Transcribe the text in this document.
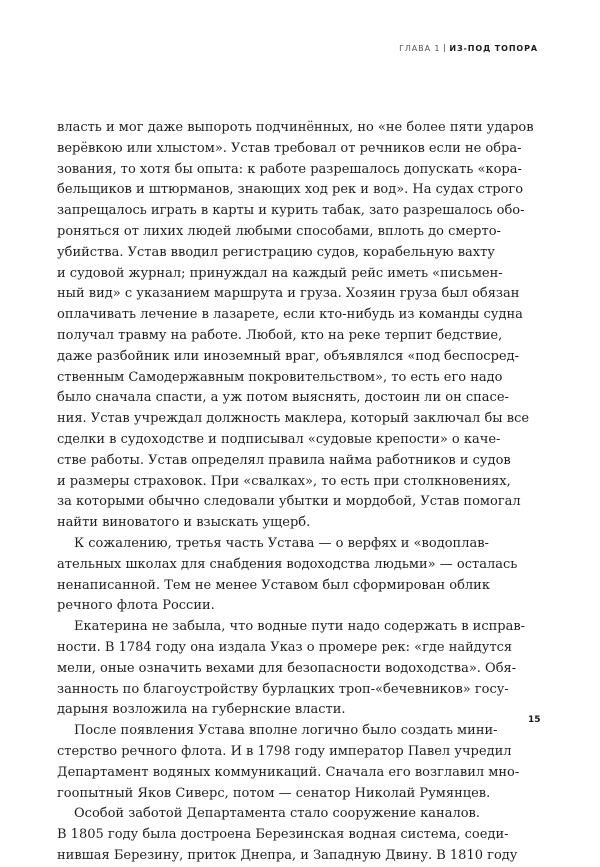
ГЛАВА 1 ИЗ-ПОД ТОПОРА
власть и мог даже выпороть подчинённых, но «не более пяти ударов
верёвкою или хлыстом». Устав требовал от речников если не обра-
зования, то хотя бы опыта: к работе разрешалось допускать «кора-
бельщиков и штюрманов, знающих ход рек и вод». На судах строго
запрещалось играть в карты и курить табак, зато разрешалось обо-
роняться от лихих людей любыми способами, вплоть до смерто-
убийства. Устав вводил регистрацию судов, корабельную вахту
и судовой журнал; принуждал на каждый рейс иметь «письмен-
ный вид» с указанием маршрута и груза. Хозяин груза был обязан
оплачивать лечение в лазарете, если кто-нибудь из команды судна
получал травму на работе. Любой, кто на реке терпит бедствие,
даже разбойник или иноземный враг, объявлялся «под беспосред-
ственным Самодержавным покровительством», то есть его надо
было сначала спасти, а уж потом выяснять, достоин ли он спасе-
ния. Устав учреждал должность маклера, который заключал бы все
сделки в судоходстве и подписывал «судовые крепости» о каче-
стве работы. Устав определял правила найма работников и судов
и размеры страховок. При «свалках», то есть при столкновениях,
за которыми обычно следовали убытки и мордобой, Устав помогал
найти виноватого и взыскать ущерб.
К сожалению, третья часть Устава — о верфях и «водоплав-
ательных школах для снабдения водоходства людьми» — осталась
ненаписанной. Тем не менее Уставом был сформирован облик
речного флота России.
Екатерина не забыла, что водные пути надо содержать в исправ-
ности. В 1784 году она издала Указ о промере рек: «где найдутся
мели, оные означить вехами для безопасности водоходства». Обя-
занность по благоустройству бурлацких троп-«бечевников» госу-
дарыня возложила на губернские власти.
После появления Устава вполне логично было создать мини-
стерство речного флота. И в 1798 году император Павел учредил
Департамент водяных коммуникаций. Сначала его возглавил мно-
гоопытный Яков Сиверс, потом — сенатор Николай Румянцев.
Особой заботой Департамента стало сооружение каналов.
В 1805 году была достроена Березинская водная система, соеди-
нившая Березину, приток Днепра, и Западную Двину. В 1810 году
15
